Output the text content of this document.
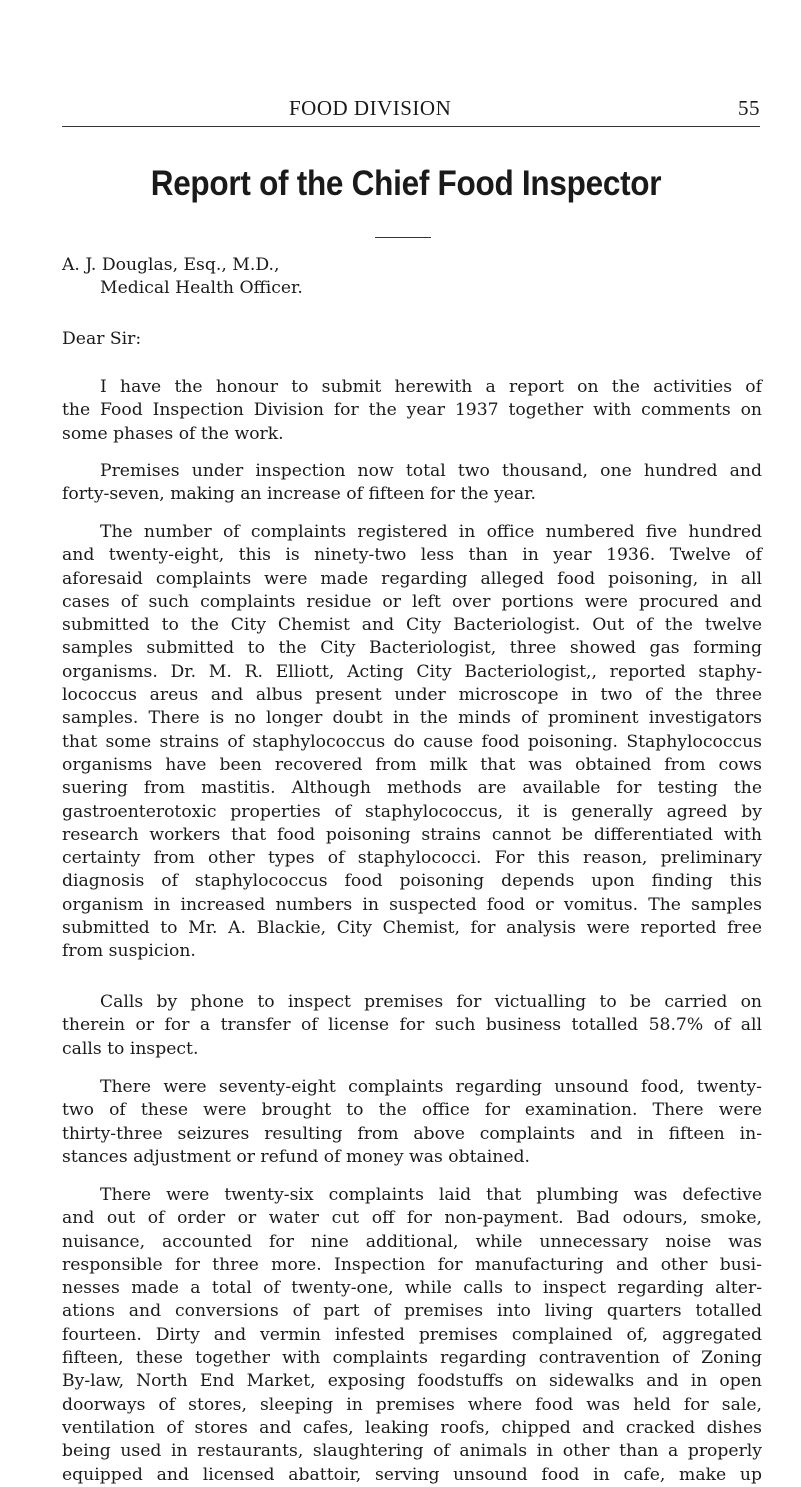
FOOD DIVISION	55
Report of the Chief Food Inspector
A. J. Douglas, Esq., M.D.,
Medical Health Officer.
Dear Sir:
I have the honour to submit herewith a report on the activities of
the Food Inspection Division for the year 1937 together with comments on
some phases of the work.
Premises under inspection now total two thousand, one hundred and
forty-seven, making an increase of fifteen for the year.
The number of complaints registered in office numbered five hundred
and twenty-eight, this is ninety-two less than in year 1936. Twelve of
aforesaid complaints were made regarding alleged food poisoning, in all
cases of such complaints residue or left over portions were procured and
submitted to the City Chemist and City Bacteriologist. Out of the twelve
samples submitted to the City Bacteriologist, three showed gas forming
organisms. Dr. M. R. Elliott, Acting City Bacteriologist,, reported staphy-
lococcus areus and albus present under microscope in two of the three
samples. There is no longer doubt in the minds of prominent investigators
that some strains of staphylococcus do cause food poisoning. Staphylococcus
organisms have been recovered from milk that was obtained from cows
suering from mastitis. Although methods are available for testing the
gastroenterotoxic properties of staphylococcus, it is generally agreed by
research workers that food poisoning strains cannot be differentiated with
certainty from other types of staphylococci. For this reason, preliminary
diagnosis of staphylococcus food poisoning depends upon finding this
organism in increased numbers in suspected food or vomitus. The samples
submitted to Mr. A. Blackie, City Chemist, for analysis were reported free
from suspicion.
Calls by phone to inspect premises for victualling to be carried on
therein or for a transfer of license for such business totalled 58.7% of all
calls to inspect.
There were seventy-eight complaints regarding unsound food, twenty-
two of these were brought to the office for examination. There were
thirty-three seizures resulting from above complaints and in fifteen in-
stances adjustment or refund of money was obtained.
There were twenty-six complaints laid that plumbing was defective
and out of order or water cut off for non-payment. Bad odours, smoke,
nuisance, accounted for nine additional, while unnecessary noise was
responsible for three more. Inspection for manufacturing and other busi-
nesses made a total of twenty-one, while calls to inspect regarding alter-
ations and conversions of part of premises into living quarters totalled
fourteen. Dirty and vermin infested premises complained of, aggregated
fifteen, these together with complaints regarding contravention of Zoning
By-law, North End Market, exposing foodstuffs on sidewalks and in open
doorways of stores, sleeping in premises where food was held for sale,
ventilation of stores and cafes, leaking roofs, chipped and cracked dishes
being used in restaurants, slaughtering of animals in other than a properly
equipped and licensed abattoir, serving unsound food in cafe, make up
